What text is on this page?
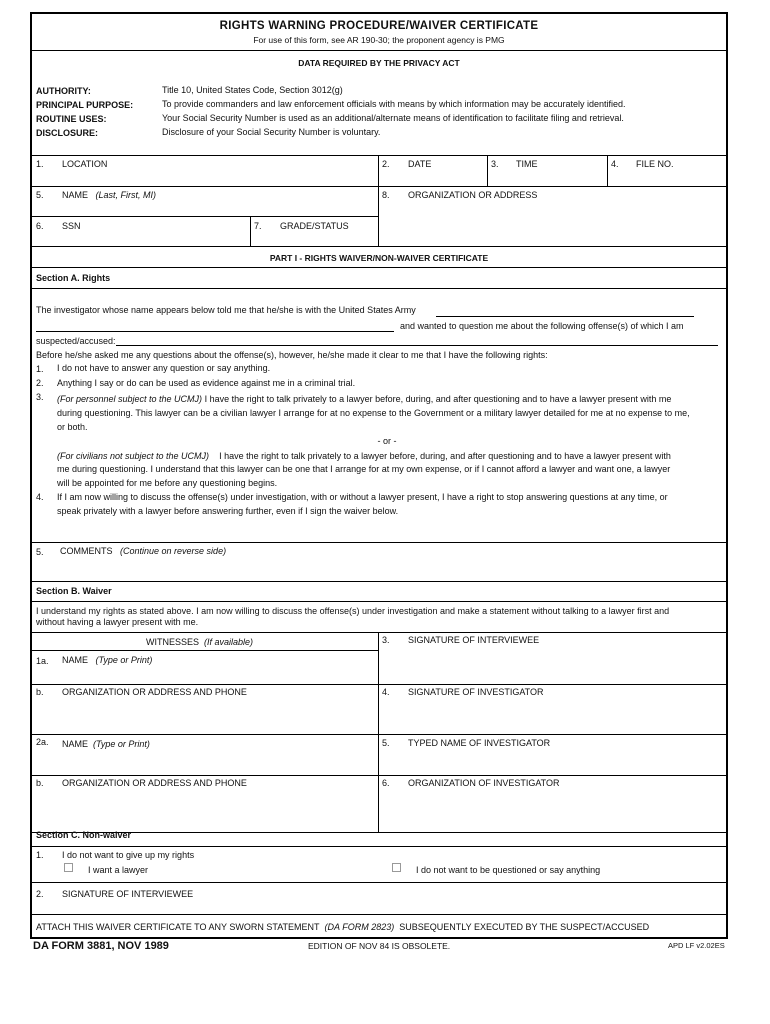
RIGHTS WARNING PROCEDURE/WAIVER CERTIFICATE
For use of this form, see AR 190-30; the proponent agency is PMG
DATA REQUIRED BY THE PRIVACY ACT
AUTHORITY:	Title 10, United States Code, Section 3012(g)
PRINCIPAL PURPOSE:	To provide commanders and law enforcement officials with means by which information may be accurately identified.
ROUTINE USES:	Your Social Security Number is used as an additional/alternate means of identification to facilitate filing and retrieval.
DISCLOSURE:	Disclosure of your Social Security Number is voluntary.
1. LOCATION	2. DATE	3. TIME	4. FILE NO.
5. NAME (Last, First, MI)	8. ORGANIZATION OR ADDRESS
6. SSN	7. GRADE/STATUS
PART I - RIGHTS WAIVER/NON-WAIVER CERTIFICATE
Section A. Rights
The investigator whose name appears below told me that he/she is with the United States Army
and wanted to question me about the following offense(s) of which I am
suspected/accused:
Before he/she asked me any questions about the offense(s), however, he/she made it clear to me that I have the following rights:
1. I do not have to answer any question or say anything.
2. Anything I say or do can be used as evidence against me in a criminal trial.
3. (For personnel subject to the UCMJ) I have the right to talk privately to a lawyer before, during, and after questioning and to have a lawyer present with me
during questioning. This lawyer can be a civilian lawyer I arrange for at no expense to the Government or a military lawyer detailed for me at no expense to me,
or both.
- or -
(For civilians not subject to the UCMJ) I have the right to talk privately to a lawyer before, during, and after questioning and to have a lawyer present with
me during questioning. I understand that this lawyer can be one that I arrange for at my own expense, or if I cannot afford a lawyer and want one, a lawyer
will be appointed for me before any questioning begins.
4. If I am now willing to discuss the offense(s) under investigation, with or without a lawyer present, I have a right to stop answering questions at any time, or
speak privately with a lawyer before answering further, even if I sign the waiver below.
5. COMMENTS (Continue on reverse side)
Section B. Waiver
I understand my rights as stated above. I am now willing to discuss the offense(s) under investigation and make a statement without talking to a lawyer first and
without having a lawyer present with me.
WITNESSES (If available)
1a. NAME (Type or Print)
3. SIGNATURE OF INTERVIEWEE
b. ORGANIZATION OR ADDRESS AND PHONE	4. SIGNATURE OF INVESTIGATOR
2a. NAME (Type or Print)	5. TYPED NAME OF INVESTIGATOR
b. ORGANIZATION OR ADDRESS AND PHONE	6. ORGANIZATION OF INVESTIGATOR
Section C. Non-waiver
1. I do not want to give up my rights
I want a lawyer	I do not want to be questioned or say anything
2. SIGNATURE OF INTERVIEWEE
ATTACH THIS WAIVER CERTIFICATE TO ANY SWORN STATEMENT (DA FORM 2823) SUBSEQUENTLY EXECUTED BY THE SUSPECT/ACCUSED
DA FORM 3881, NOV 1989	EDITION OF NOV 84 IS OBSOLETE.	APD LF v2.02ES
